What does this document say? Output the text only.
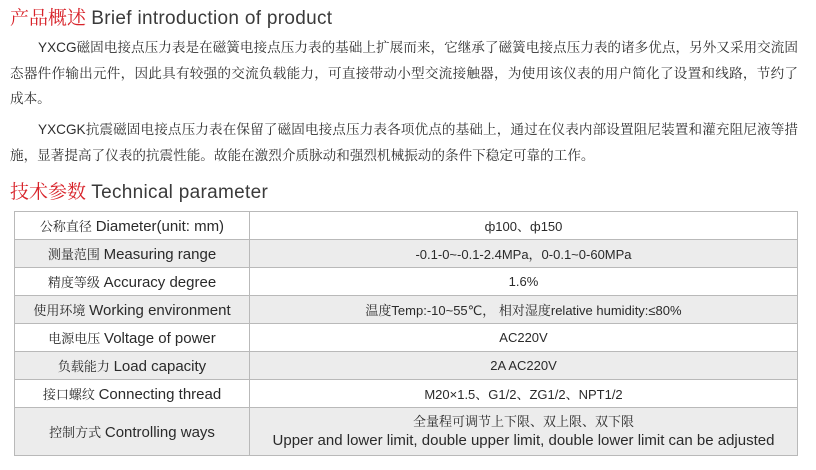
产品概述 Brief introduction of product
YXCG磁固电接点压力表是在磁簧电接点压力表的基础上扩展而来，它继承了磁簧电接点压力表的诸多优点，另外又采用交流固态器件作输出元件，因此具有较强的交流负载能力，可直接带动小型交流接触器，为使用该仪表的用户简化了设置和线路，节约了成本。
YXCGK抗震磁固电接点压力表在保留了磁固电接点压力表各项优点的基础上，通过在仪表内部设置阻尼装置和灌充阻尼液等措施，显著提高了仪表的抗震性能。故能在激烈介质脉动和强烈机械振动的条件下稳定可靠的工作。
技术参数 Technical parameter
公称直径 Diameter(unit: mm)	ф100、ф150
测量范围 Measuring range	-0.1-0~-0.1-2.4MPa，0-0.1~0-60MPa
精度等级 Accuracy degree	1.6%
使用环境 Working environment	温度Temp:-10~55℃， 相对湿度relative humidity:≤80%
电源电压 Voltage of power	AC220V
负载能力 Load capacity	2A AC220V
接口螺纹 Connecting thread	M20×1.5、G1/2、ZG1/2、NPT1/2
控制方式 Controlling ways	全量程可调节上下限、双上限、双下限
Upper and lower limit, double upper limit, double lower limit can be adjusted
